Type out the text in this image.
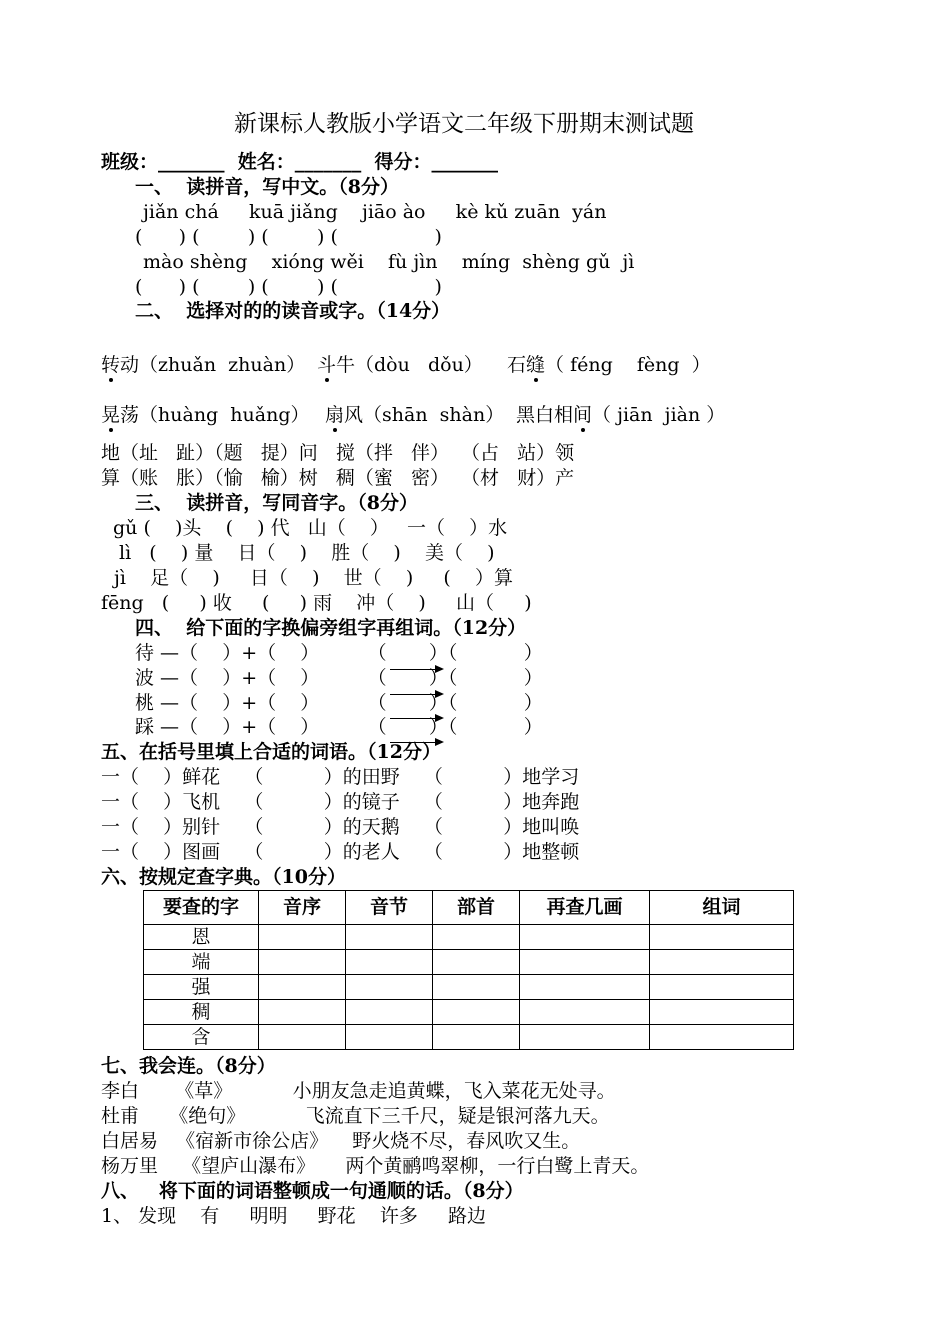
新课标人教版小学语文二年级下册期末测试题
班级：_______  姓名：_______  得分：_______
一、  读拼音，写中文。（8分）
jiǎn chá     kuā jiǎng    jiāo ào     kè kǔ zuān  yán
(      ) (        ) (        ) (                )
mào shèng    xióng wěi    fù jìn    míng  shèng gǔ  jì
(      ) (        ) (        ) (                )
二、  选择对的的读音或字。（14分）
转动（zhuǎn  zhuàn） 斗牛（dòu   dǒu） 石缝（ féng    fèng  ）
晃荡（huàng  huǎng） 扇风（shān  shàn） 黑白相间（ jiān  jiàn ）
地（址   趾）（题   提）问   搅（拌   伴）  （占   站）领
算（账   胀）（愉   榆）树   稠（蜜   密）  （材   财）产
三、  读拼音，写同音字。（8分）
gǔ (    )头    (    ) 代   山（    ）   一（    ）水
lì   (    ) 量    日（    )    胜（    )    美（    )
jì    足（    )     日（    )    世（    )     (    ）算
fēng   (     ) 收     (     ) 雨    冲（    )     山（     )
四、  给下面的字换偏旁组字再组词。（12分）
待 —（    ）+（    ）        （       ）（           ）
波 —（    ）+（    ）        （       ）（           ）
桃 —（    ）+（    ）        （       ）（           ）
踩 —（    ）+（    ）        （       ）（           ）
五、在括号里填上合适的词语。（12分）
一（    ）鲜花    （          ）的田野    （          ）地学习
一（    ）飞机    （          ）的镜子    （          ）地奔跑
一（    ）别针    （          ）的天鹅    （          ）地叫唤
一（    ）图画    （          ）的老人    （          ）地整顿
六、按规定查字典。（10分）
要查的字	音序	音节	部首	再查几画	组词
恩					
端					
强					
稠					
含					
七、我会连。（8分）
李白      《草》          小朋友急走追黄蝶，飞入菜花无处寻。
杜甫     《绝句》          飞流直下三千尺，疑是银河落九天。
白居易   《宿新市徐公店》    野火烧不尽，春风吹又生。
杨万里    《望庐山瀑布》     两个黄鹂鸣翠柳，一行白鹭上青天。
八、   将下面的词语整顿成一句通顺的话。（8分）
1、 发现    有     明明     野花    许多     路边
